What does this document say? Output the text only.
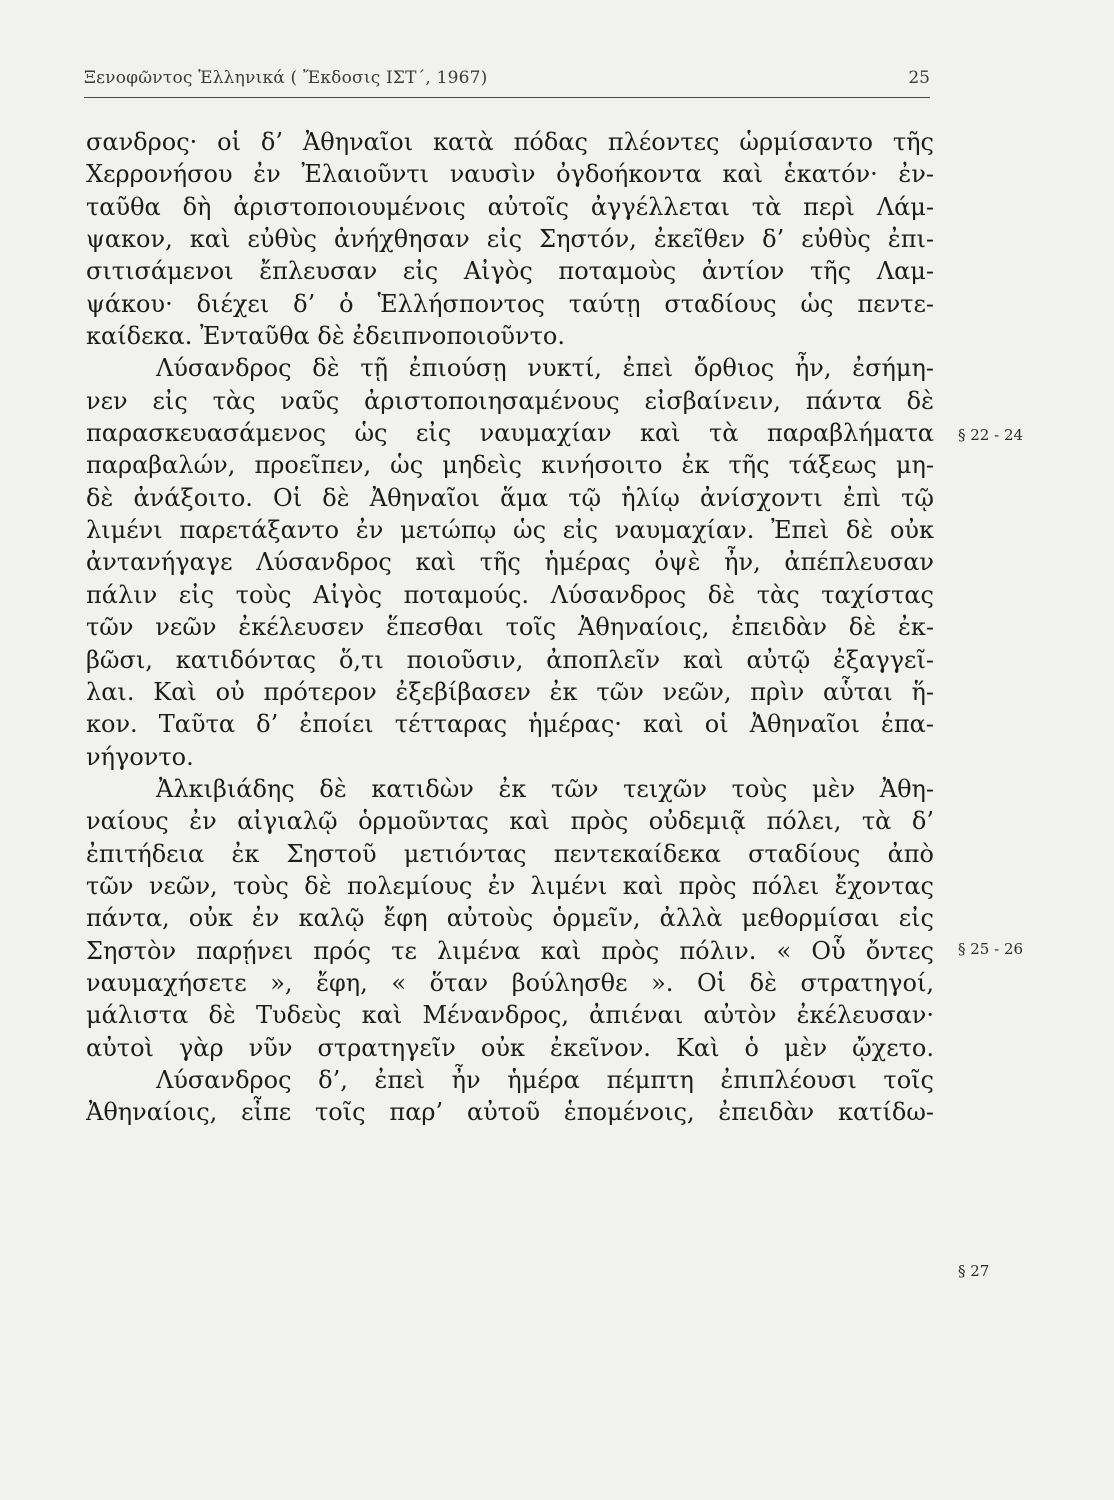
Ξενοφῶντος Ἑλληνικά ( Ἔκδοσις ΙΣΤ΄, 1967)	25
σανδρος· οἱ δ’ Ἀθηναῖοι κατὰ πόδας πλέοντες ὡρμίσαντο τῆς
Χερρονήσου ἐν Ἐλαιοῦντι ναυσὶν ὀγδοήκοντα καὶ ἑκατόν· ἐν-
ταῦθα δὴ ἀριστοποιουμένοις αὐτοῖς ἀγγέλλεται τὰ περὶ Λάμ-
ψακον, καὶ εὐθὺς ἀνήχθησαν εἰς Σηστόν, ἐκεῖθεν δ’ εὐθὺς ἐπι-
σιτισάμενοι ἔπλευσαν εἰς Αἰγὸς ποταμοὺς ἀντίον τῆς Λαμ-
ψάκου· διέχει δ’ ὁ Ἑλλήσποντος ταύτῃ σταδίους ὡς πεντε-
καίδεκα. Ἐνταῦθα δὲ ἐδειπνοποιοῦντο.
Λύσανδρος δὲ τῇ ἐπιούσῃ νυκτί, ἐπεὶ ὄρθιος ἦν, ἐσήμη-
νεν εἰς τὰς ναῦς ἀριστοποιησαμένους εἰσβαίνειν, πάντα δὲ
παρασκευασάμενος ὡς εἰς ναυμαχίαν καὶ τὰ παραβλήματα
παραβαλών, προεῖπεν, ὡς μηδεὶς κινήσοιτο ἐκ τῆς τάξεως μη-
δὲ ἀνάξοιτο. Οἱ δὲ Ἀθηναῖοι ἅμα τῷ ἡλίῳ ἀνίσχοντι ἐπὶ τῷ
λιμένι παρετάξαντο ἐν μετώπῳ ὡς εἰς ναυμαχίαν. Ἐπεὶ δὲ οὐκ
ἀντανήγαγε Λύσανδρος καὶ τῆς ἡμέρας ὀψὲ ἦν, ἀπέπλευσαν
πάλιν εἰς τοὺς Αἰγὸς ποταμούς. Λύσανδρος δὲ τὰς ταχίστας
τῶν νεῶν ἐκέλευσεν ἕπεσθαι τοῖς Ἀθηναίοις, ἐπειδὰν δὲ ἐκ-
βῶσι, κατιδόντας ὅ,τι ποιοῦσιν, ἀποπλεῖν καὶ αὐτῷ ἐξαγγεῖ-
λαι. Καὶ οὐ πρότερον ἐξεβίβασεν ἐκ τῶν νεῶν, πρὶν αὗται ἥ-
κον. Ταῦτα δ’ ἐποίει τέτταρας ἡμέρας· καὶ οἱ Ἀθηναῖοι ἐπα-
νήγοντο.
Ἀλκιβιάδης δὲ κατιδὼν ἐκ τῶν τειχῶν τοὺς μὲν Ἀθη-
ναίους ἐν αἰγιαλῷ ὁρμοῦντας καὶ πρὸς οὐδεμιᾷ πόλει, τὰ δ’
ἐπιτήδεια ἐκ Σηστοῦ μετιόντας πεντεκαίδεκα σταδίους ἀπὸ
τῶν νεῶν, τοὺς δὲ πολεμίους ἐν λιμένι καὶ πρὸς πόλει ἔχοντας
πάντα, οὐκ ἐν καλῷ ἔφη αὐτοὺς ὁρμεῖν, ἀλλὰ μεθορμίσαι εἰς
Σηστὸν παρῄνει πρός τε λιμένα καὶ πρὸς πόλιν. « Οὗ ὄντες
ναυμαχήσετε », ἔφη, « ὅταν βούλησθε ». Οἱ δὲ στρατηγοί,
μάλιστα δὲ Τυδεὺς καὶ Μένανδρος, ἀπιέναι αὐτὸν ἐκέλευσαν·
αὐτοὶ γὰρ νῦν στρατηγεῖν οὐκ ἐκεῖνον. Καὶ ὁ μὲν ᾤχετο.
Λύσανδρος δ’, ἐπεὶ ἦν ἡμέρα πέμπτη ἐπιπλέουσι τοῖς
Ἀθηναίοις, εἶπε τοῖς παρ’ αὐτοῦ ἑπομένοις, ἐπειδὰν κατίδω-
§ 22 - 24
§ 25 - 26
§ 27
